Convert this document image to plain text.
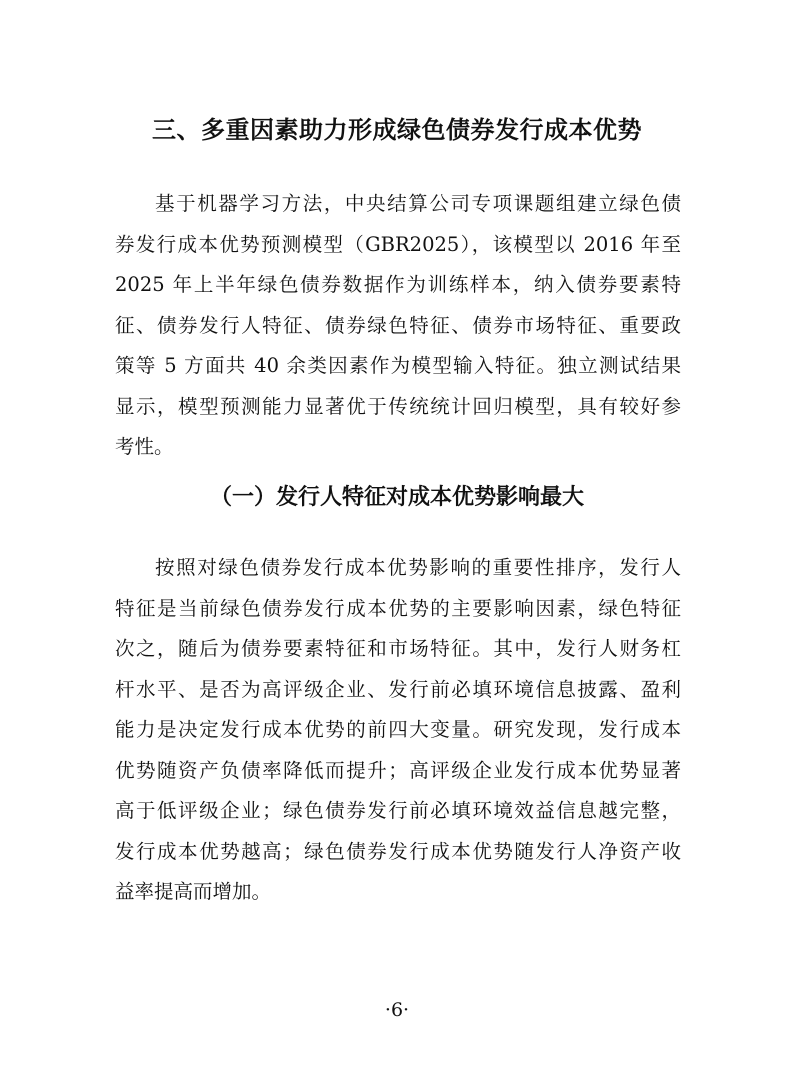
三、多重因素助力形成绿色债券发行成本优势
基于机器学习方法，中央结算公司专项课题组建立绿色债
券发行成本优势预测模型（GBR2025），该模型以 2016 年至
2025 年上半年绿色债券数据作为训练样本，纳入债券要素特
征、债券发行人特征、债券绿色特征、债券市场特征、重要政
策等 5 方面共 40 余类因素作为模型输入特征。独立测试结果
显示，模型预测能力显著优于传统统计回归模型，具有较好参
考性。
（一）发行人特征对成本优势影响最大
按照对绿色债券发行成本优势影响的重要性排序，发行人
特征是当前绿色债券发行成本优势的主要影响因素，绿色特征
次之，随后为债券要素特征和市场特征。其中，发行人财务杠
杆水平、是否为高评级企业、发行前必填环境信息披露、盈利
能力是决定发行成本优势的前四大变量。研究发现，发行成本
优势随资产负债率降低而提升；高评级企业发行成本优势显著
高于低评级企业；绿色债券发行前必填环境效益信息越完整，
发行成本优势越高；绿色债券发行成本优势随发行人净资产收
益率提高而增加。
·6·
